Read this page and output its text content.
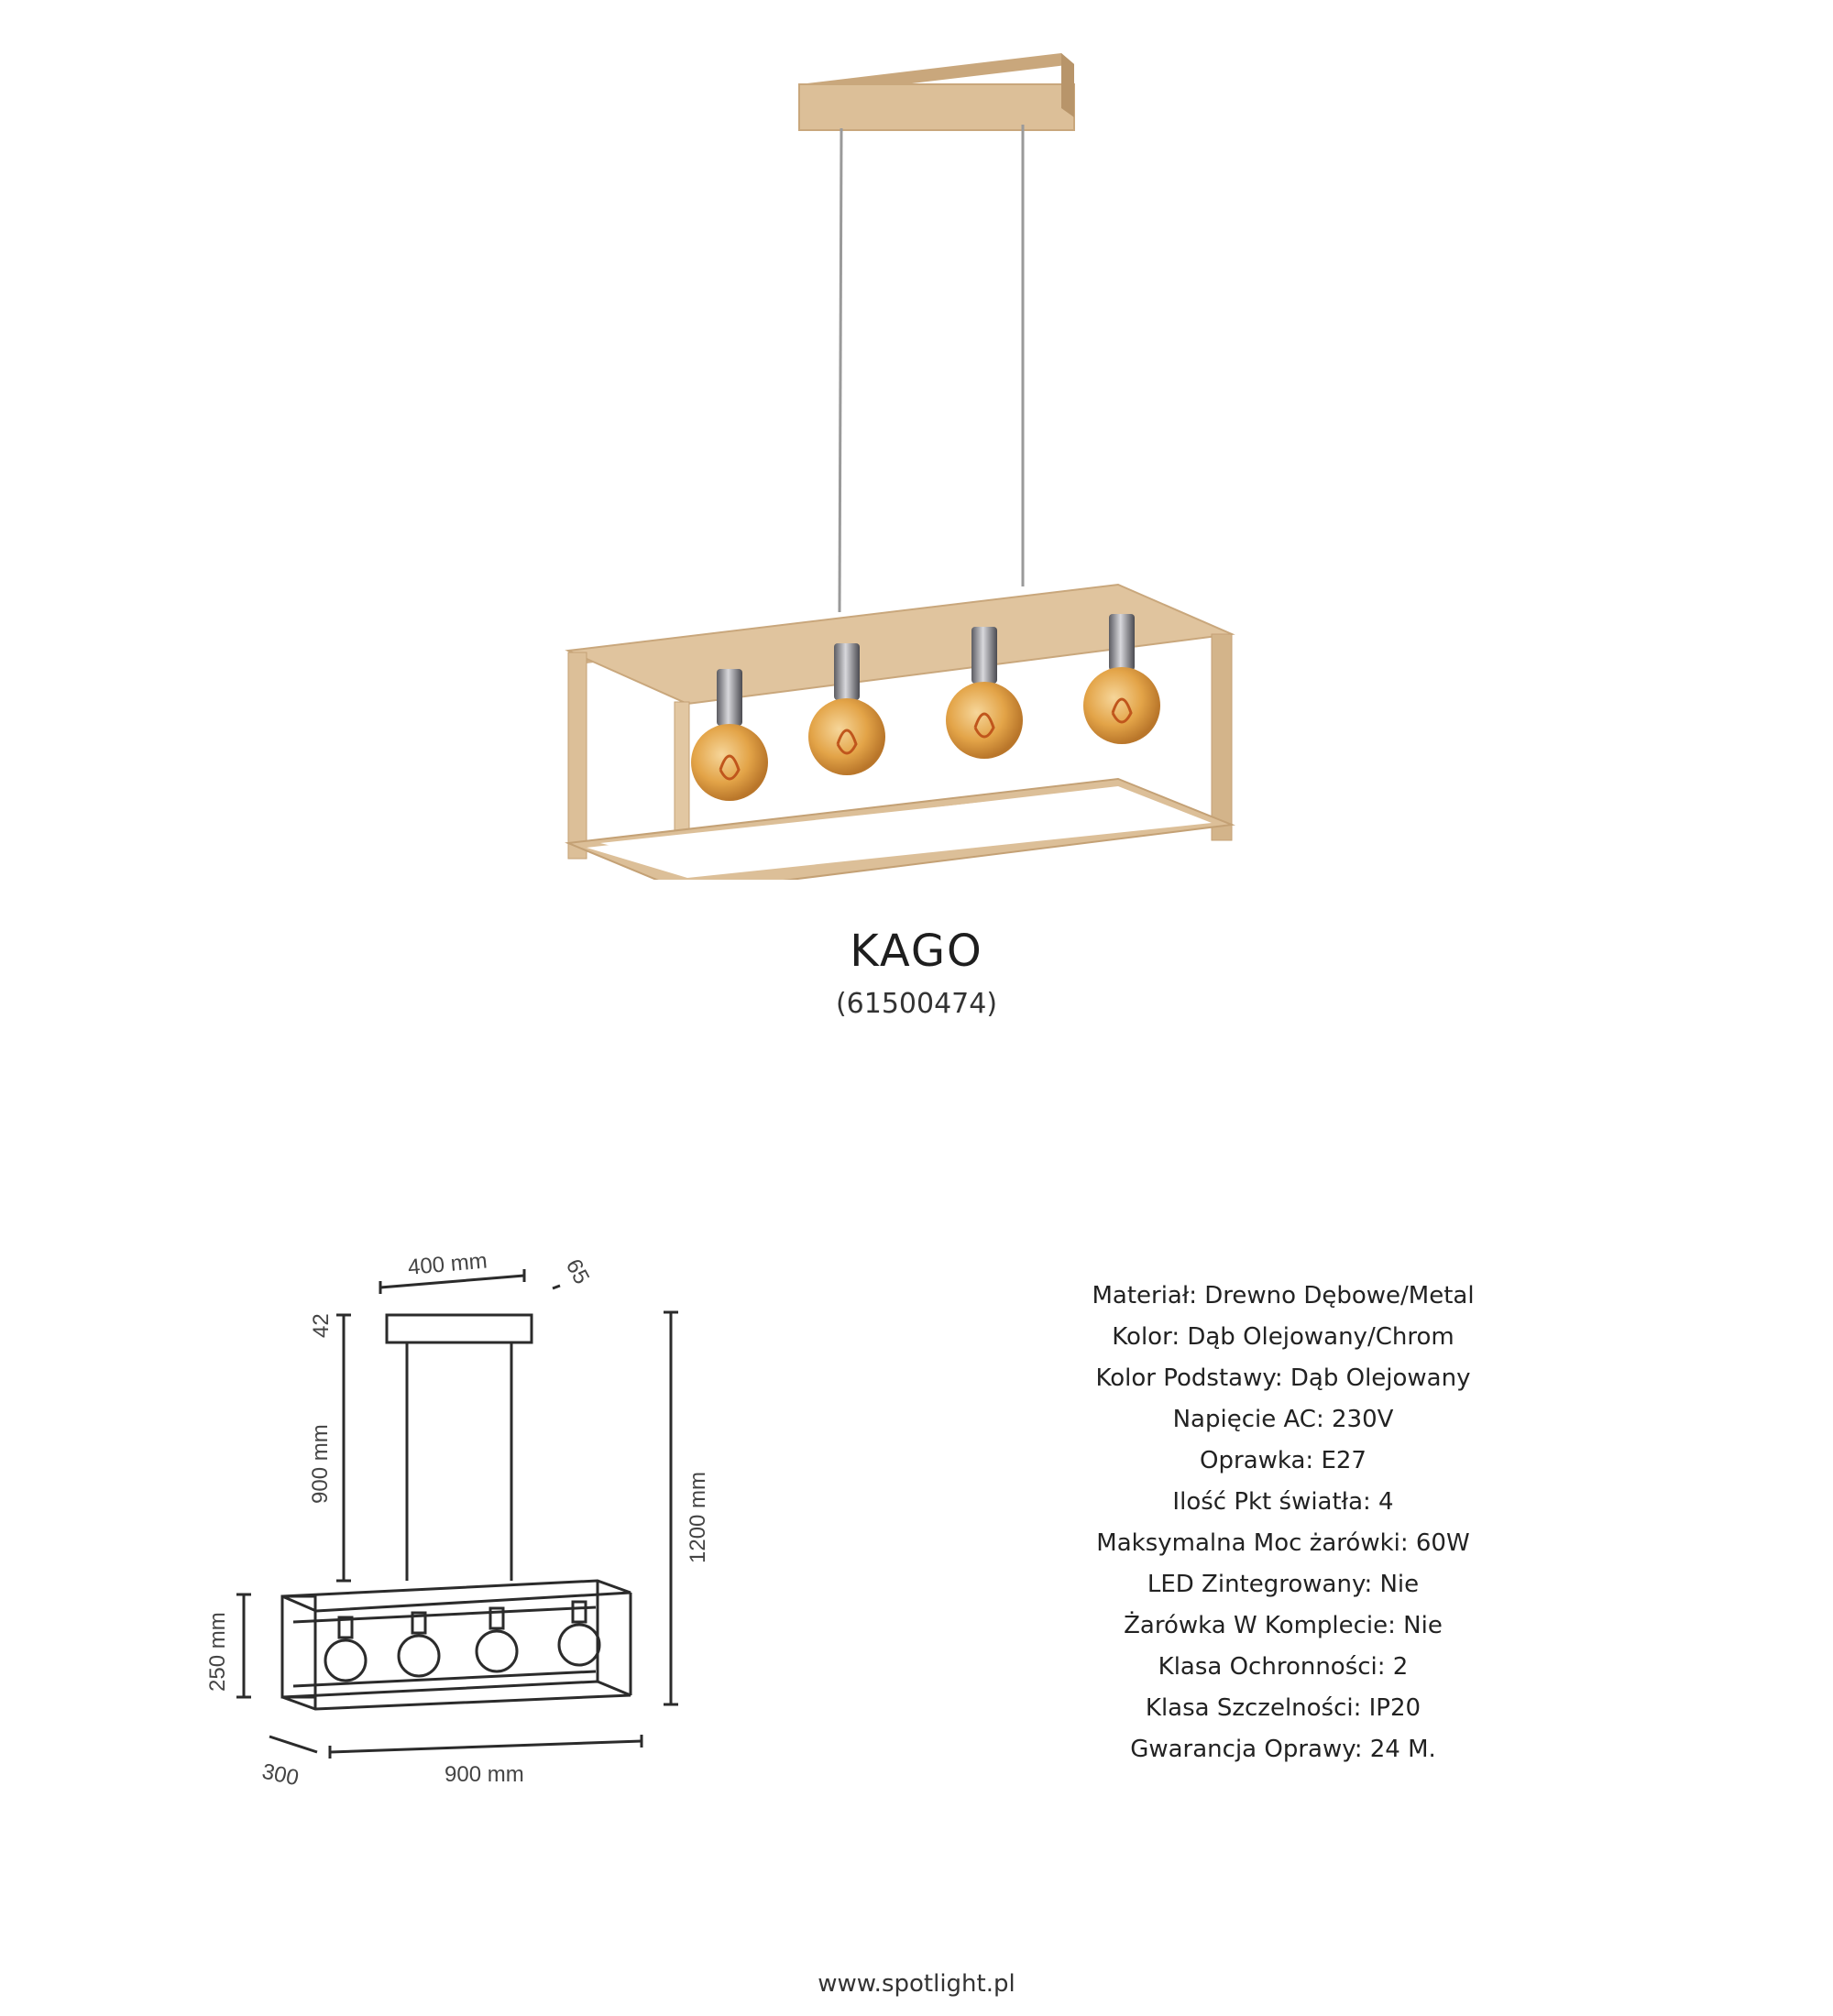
KAGO
(61500474)
400 mm	65
42
900 mm
1200 mm
250 mm
300	900 mm
Materiał: Drewno Dębowe/Metal
Kolor: Dąb Olejowany/Chrom
Kolor Podstawy: Dąb Olejowany
Napięcie AC: 230V
Oprawka: E27
Ilość Pkt światła: 4
Maksymalna Moc żarówki: 60W
LED Zintegrowany: Nie
Żarówka W Komplecie: Nie
Klasa Ochronności: 2
Klasa Szczelności: IP20
Gwarancja Oprawy: 24 M.
www.spotlight.pl
